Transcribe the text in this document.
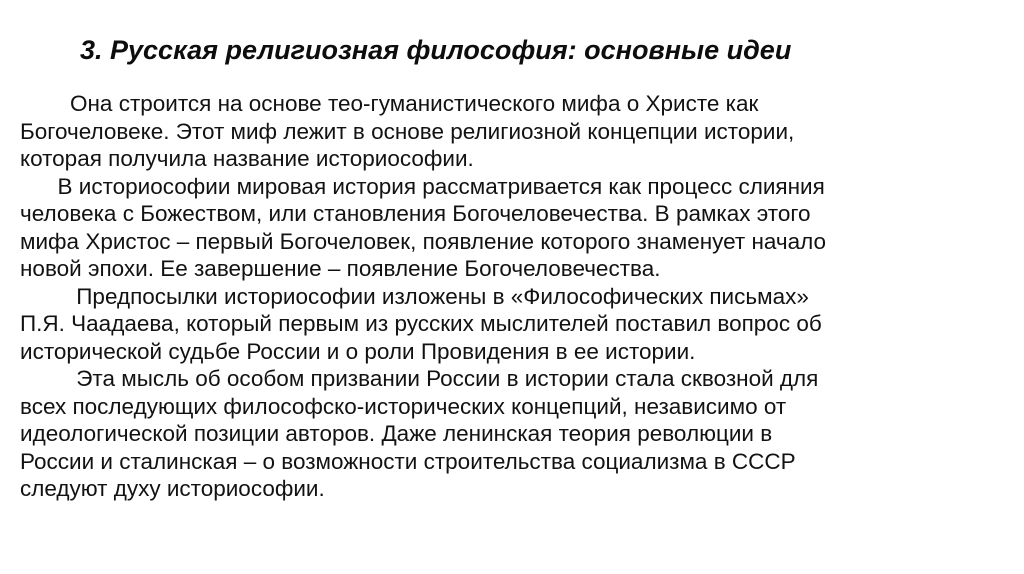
3. Русская религиозная философия: основные идеи
Она строится на основе тео-гуманистического мифа о Христе как
Богочеловеке. Этот миф лежит в основе религиозной концепции истории,
которая получила название историософии.
В историософии мировая история рассматривается как процесс слияния
человека с Божеством, или становления Богочеловечества. В рамках этого
мифа Христос – первый Богочеловек, появление которого знаменует начало
новой эпохи. Ее завершение – появление Богочеловечества.
Предпосылки историософии изложены в «Философических письмах»
П.Я. Чаадаева, который первым из русских мыслителей поставил вопрос об
исторической судьбе России и о роли Провидения в ее истории.
Эта мысль об особом призвании России в истории стала сквозной для
всех последующих философско-исторических концепций, независимо от
идеологической позиции авторов. Даже ленинская теория революции в
России и сталинская – о возможности строительства социализма в СССР
следуют духу историософии.
